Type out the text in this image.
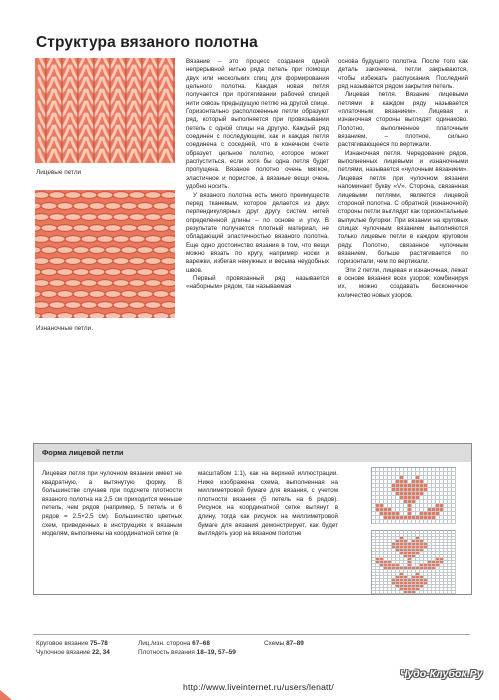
Структура вязаного полотна
Лицевые петли
Изнаночные петли.

Вязание – это процесс создания одной непрерывной нитью ряда петель при помощи двух или нескольких спиц для формирования цельного полотна. Каждая новая петля получается при протягивании рабочей спицей нити сквозь предыдущую петлю на другой спице. Горизонтально расположенные петли образуют ряд, который выполняется при провязывании петель с одной спицы на другую. Каждый ряд соединен с последующим, как и каждая петля соединена с соседней, что в конечном счете образует цельное полотно, которое может распуститься, если хотя бы одна петля будет пропущена. Вязаное полотно очень мягкое, эластичное и пористое, а вязаные вещи очень удобно носить.

У вязаного полотна есть много преимуществ перед тканевым, которое делается из двух перпендикулярных друг другу систем нитей определенной длины – по основе и утку. В результате получается плотный материал, не обладающий эластичностью вязаного полотна. Еще одно достоинство вязания в том, что вещи можно вязать по кругу, например носки и варежки, избегая ненужных и весьма неудобных швов.

Первый провязанный ряд называется «наборным» рядом, так называемая

основа будущего полотна. После того как деталь закончена, петли закрываются, чтобы избежать распускания. Последний ряд называется рядом закрытия петель.

Лицевая петля. Вязание лицевыми петлями в каждом ряду называется «платочным вязанием». Лицевая и изнаночная стороны выглядят одинаково. Полотно, выполненное платочным вязанием, – плотное, сильно растягивающееся по вертикали.

Изнаночная петля. Чередование рядов, выполненных лицевыми и изнаночными петлями, называется «чулочным вязанием». Лицевая петля при чулочном вязании напоминает букву «V». Сторона, связанная лицевыми петлями, является лицевой стороной полотна. С обратной (изнаночной) стороны петли выглядят как горизонтальные выпуклые бугорки. При вязании на круговых спицах чулочным вязанием выполняются только лицевые петли в каждом круговом ряду. Полотно, связанное чулочным вязанием, больше растягивается по горизонтали, чем по вертикали.

Эти 2 петли, лицевая и изнаночная, лежат в основе вязания всех узоров; комбинируя их, можно создавать бесконечное количество новых узоров.

Форма лицевой петли
Лицевая петля при чулочном вязании имеет не квадратную, а вытянутую форму. В большинстве случаев при подсчете плотности вязаного полотна на 2,5 см приходится меньше петель, чем рядов (например, 5 петель и 6 рядов = 2,5×2,5 см). Большинство цветных схем, приведенных в инструкциях к вязаным моделям, выполнены на координатной сетке (в
масштабом 1:1), как на верхней иллюстрации. Ниже изображена схема, выполненная на миллиметровой бумаге для вязания, с учетом плотности вязания (5 петель на 6 рядов). Рисунок на координатной сетке вытянут в длину, тогда как рисунок на миллиметровой бумаге для вязания демонстрирует, как будет выглядеть узор на вязаном полотне
Круговое вязание 75–78
Чулочное вязание 22, 34
Лиц./изн. сторона 67–68
Плотность вязания 18–19, 57–59
Схемы 87–89
Чудо-Клубок.Ру
http://www.liveinternet.ru/users/lenatt/
